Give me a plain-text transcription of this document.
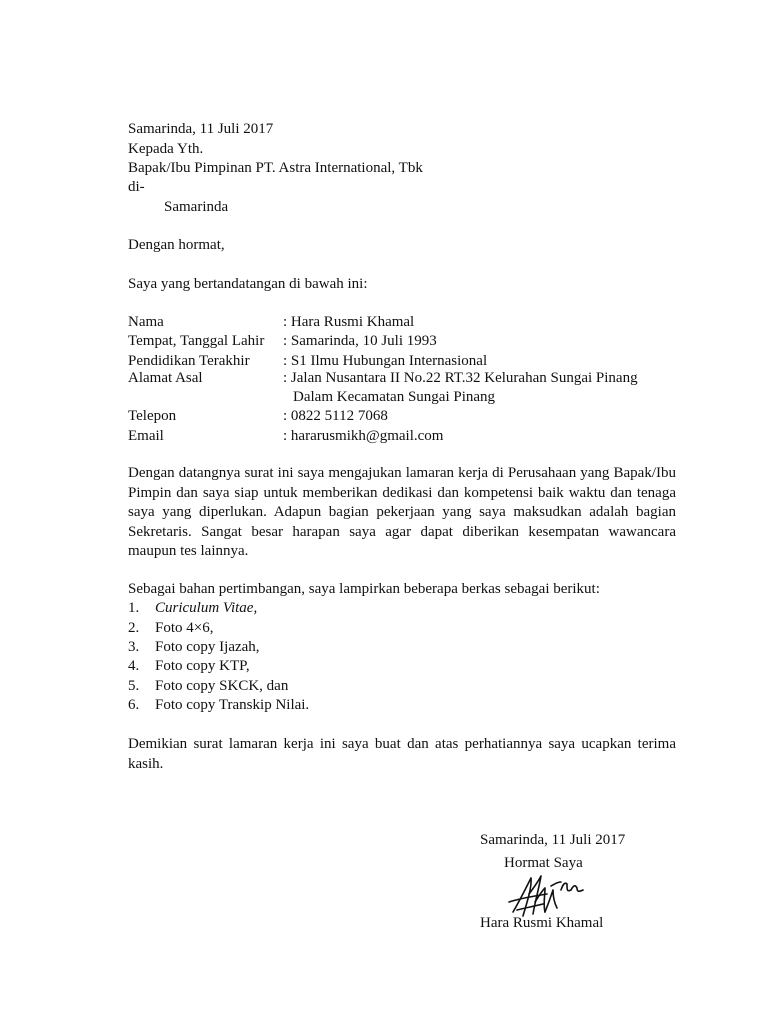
Samarinda, 11 Juli 2017
Kepada Yth.
Bapak/Ibu Pimpinan PT. Astra International, Tbk
di-
Samarinda
Dengan hormat,
Saya yang bertandatangan di bawah ini:
Nama	: Hara Rusmi Khamal
Tempat, Tanggal Lahir : Samarinda, 10 Juli 1993
Pendidikan Terakhir : S1 Ilmu Hubungan Internasional
Alamat Asal	: Jalan Nusantara II No.22 RT.32 Kelurahan Sungai Pinang
Dalam Kecamatan Sungai Pinang
Telepon	: 0822 5112 7068
Email	: hararusmikh@gmail.com
Dengan datangnya surat ini saya mengajukan lamaran kerja di Perusahaan yang Bapak/Ibu Pimpin dan saya siap untuk memberikan dedikasi dan kompetensi baik waktu dan tenaga saya yang diperlukan. Adapun bagian pekerjaan yang saya maksudkan adalah bagian Sekretaris. Sangat besar harapan saya agar dapat diberikan kesempatan wawancara maupun tes lainnya.
Sebagai bahan pertimbangan, saya lampirkan beberapa berkas sebagai berikut:
1. Curiculum Vitae,
2. Foto 4×6,
3. Foto copy Ijazah,
4. Foto copy KTP,
5. Foto copy SKCK, dan
6. Foto copy Transkip Nilai.
Demikian surat lamaran kerja ini saya buat dan atas perhatiannya saya ucapkan terima kasih.
Samarinda, 11 Juli 2017
Hormat Saya
Hara Rusmi Khamal
